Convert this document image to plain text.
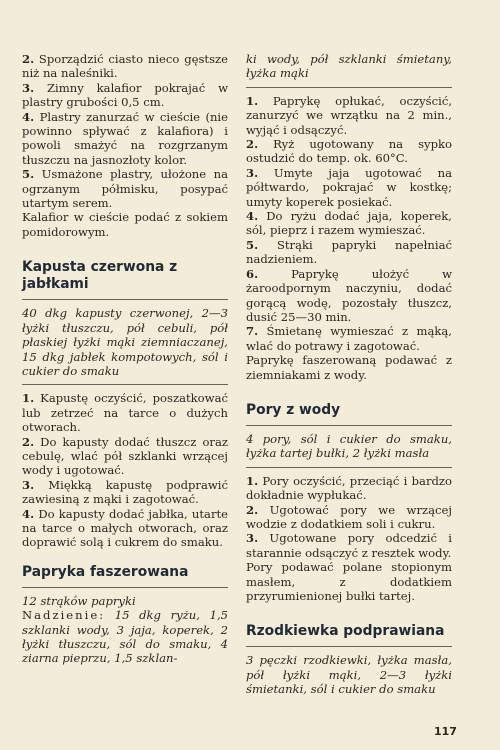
2. Sporządzić ciasto nieco gęstsze niż na naleśniki.

3. Zimny kalafior pokrajać w plastry grubości 0,5 cm.

4. Plastry zanurzać w cieście (nie powinno spływać z kalafiora) i powoli smażyć na rozgrzanym tłuszczu na jasnozłoty kolor.

5. Usmażone plastry, ułożone na ogrzanym półmisku, posypać utartym serem.

Kalafior w cieście podać z sokiem pomidorowym.

Kapusta czerwona z jabłkami

40 dkg kapusty czerwonej, 2—3 łyżki tłuszczu, pół cebuli, pół płaskiej łyżki mąki ziemniaczanej, 15 dkg jabłek kompotowych, sól i cukier do smaku

1. Kapustę oczyścić, poszatkować lub zetrzeć na tarce o dużych otworach.

2. Do kapusty dodać tłuszcz oraz cebulę, wlać pół szklanki wrzącej wody i ugotować.

3. Miękką kapustę podprawić zawiesiną z mąki i zagotować.

4. Do kapusty dodać jabłka, utarte na tarce o małych otworach, oraz doprawić solą i cukrem do smaku.

Papryka faszerowana

12 strąków papryki

Nadzienie: 15 dkg ryżu, 1,5 szklanki wody, 3 jaja, koperek, 2 łyżki tłuszczu, sól do smaku, 4 ziarna pieprzu, 1,5 szklan-

ki wody, pół szklanki śmietany, łyżka mąki

1. Paprykę opłukać, oczyścić, zanurzyć we wrzątku na 2 min., wyjąć i odsączyć.

2. Ryż ugotowany na sypko ostudzić do temp. ok. 60°C.

3. Umyte jaja ugotować na półtwardo, pokrajać w kostkę; umyty koperek posiekać.

4. Do ryżu dodać jaja, koperek, sól, pieprz i razem wymieszać.

5. Strąki papryki napełniać nadzieniem.

6.	Paprykę ułożyć w żaroodpornym naczyniu, dodać gorącą wodę, pozostały tłuszcz, dusić 25—30 min.

7. Śmietanę wymieszać z mąką, wlać do potrawy i zagotować.

Paprykę faszerowaną podawać z ziemniakami z wody.

Pory z wody

4 pory, sól i cukier do smaku, łyżka tartej bułki, 2 łyżki masła

1. Pory oczyścić, przeciąć i bardzo dokładnie wypłukać.

2. Ugotować pory we wrzącej wodzie z dodatkiem soli i cukru.

3. Ugotowane pory odcedzić i starannie odsączyć z resztek wody.

Pory podawać polane stopionym masłem, z dodatkiem przyrumienionej bułki tartej.

Rzodkiewka podprawiana

3 pęczki rzodkiewki, łyżka masła, pół łyżki mąki, 2—3 łyżki śmietanki, sól i cukier do smaku

117
